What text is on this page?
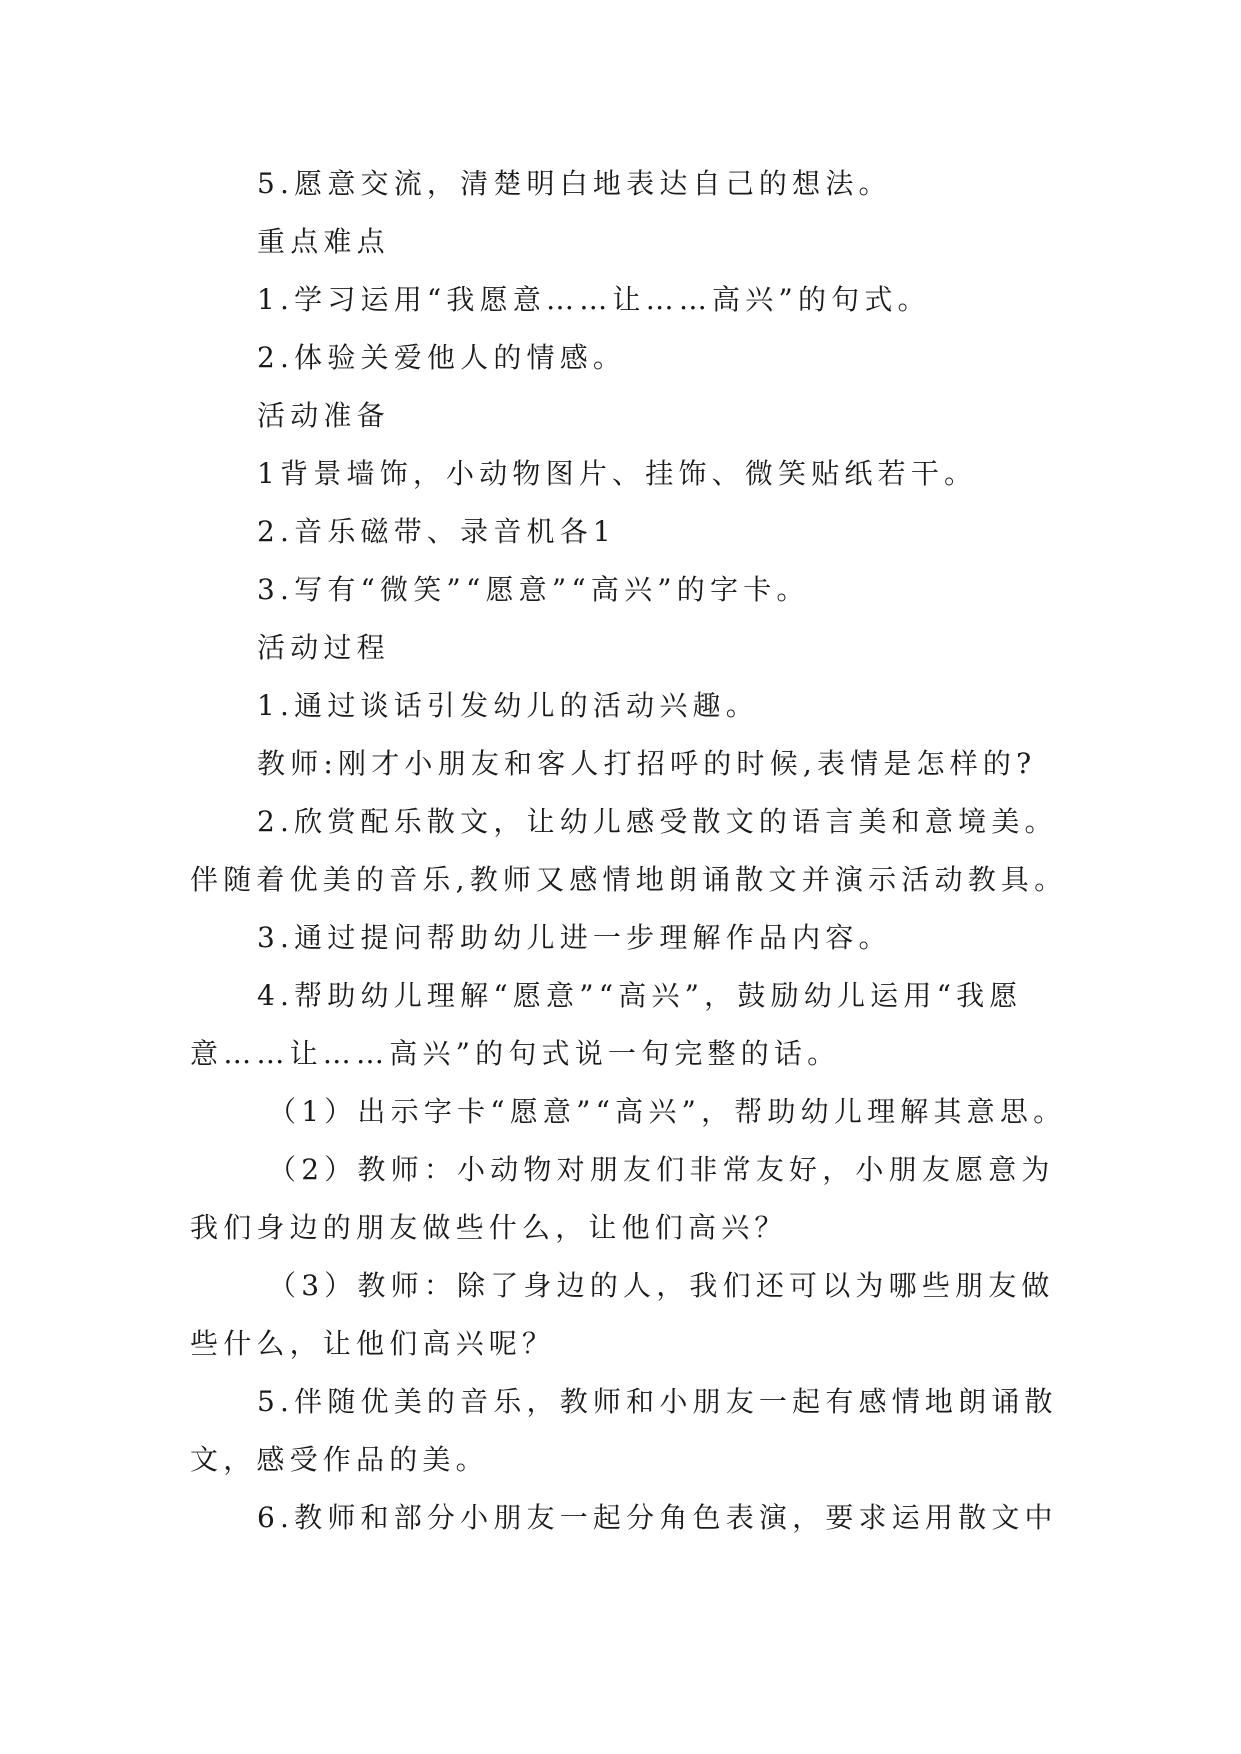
5.愿意交流，清楚明白地表达自己的想法。

重点难点

1.学习运用“我愿意……让……高兴”的句式。

2.体验关爱他人的情感。

活动准备

1背景墙饰，小动物图片、挂饰、微笑贴纸若干。

2.音乐磁带、录音机各1

3.写有“微笑”“愿意”“高兴”的字卡。

活动过程

1.通过谈话引发幼儿的活动兴趣。

教师:刚才小朋友和客人打招呼的时候,表情是怎样的?

2.欣赏配乐散文，让幼儿感受散文的语言美和意境美。

伴随着优美的音乐,教师又感情地朗诵散文并演示活动教具。

3.通过提问帮助幼儿进一步理解作品内容。

4.帮助幼儿理解“愿意”“高兴”，鼓励幼儿运用“我愿

意……让……高兴”的句式说一句完整的话。

（1）出示字卡“愿意”“高兴”，帮助幼儿理解其意思。

（2）教师：小动物对朋友们非常友好，小朋友愿意为

我们身边的朋友做些什么，让他们高兴？

（3）教师：除了身边的人，我们还可以为哪些朋友做

些什么，让他们高兴呢？

5.伴随优美的音乐，教师和小朋友一起有感情地朗诵散

文，感受作品的美。

6.教师和部分小朋友一起分角色表演，要求运用散文中
